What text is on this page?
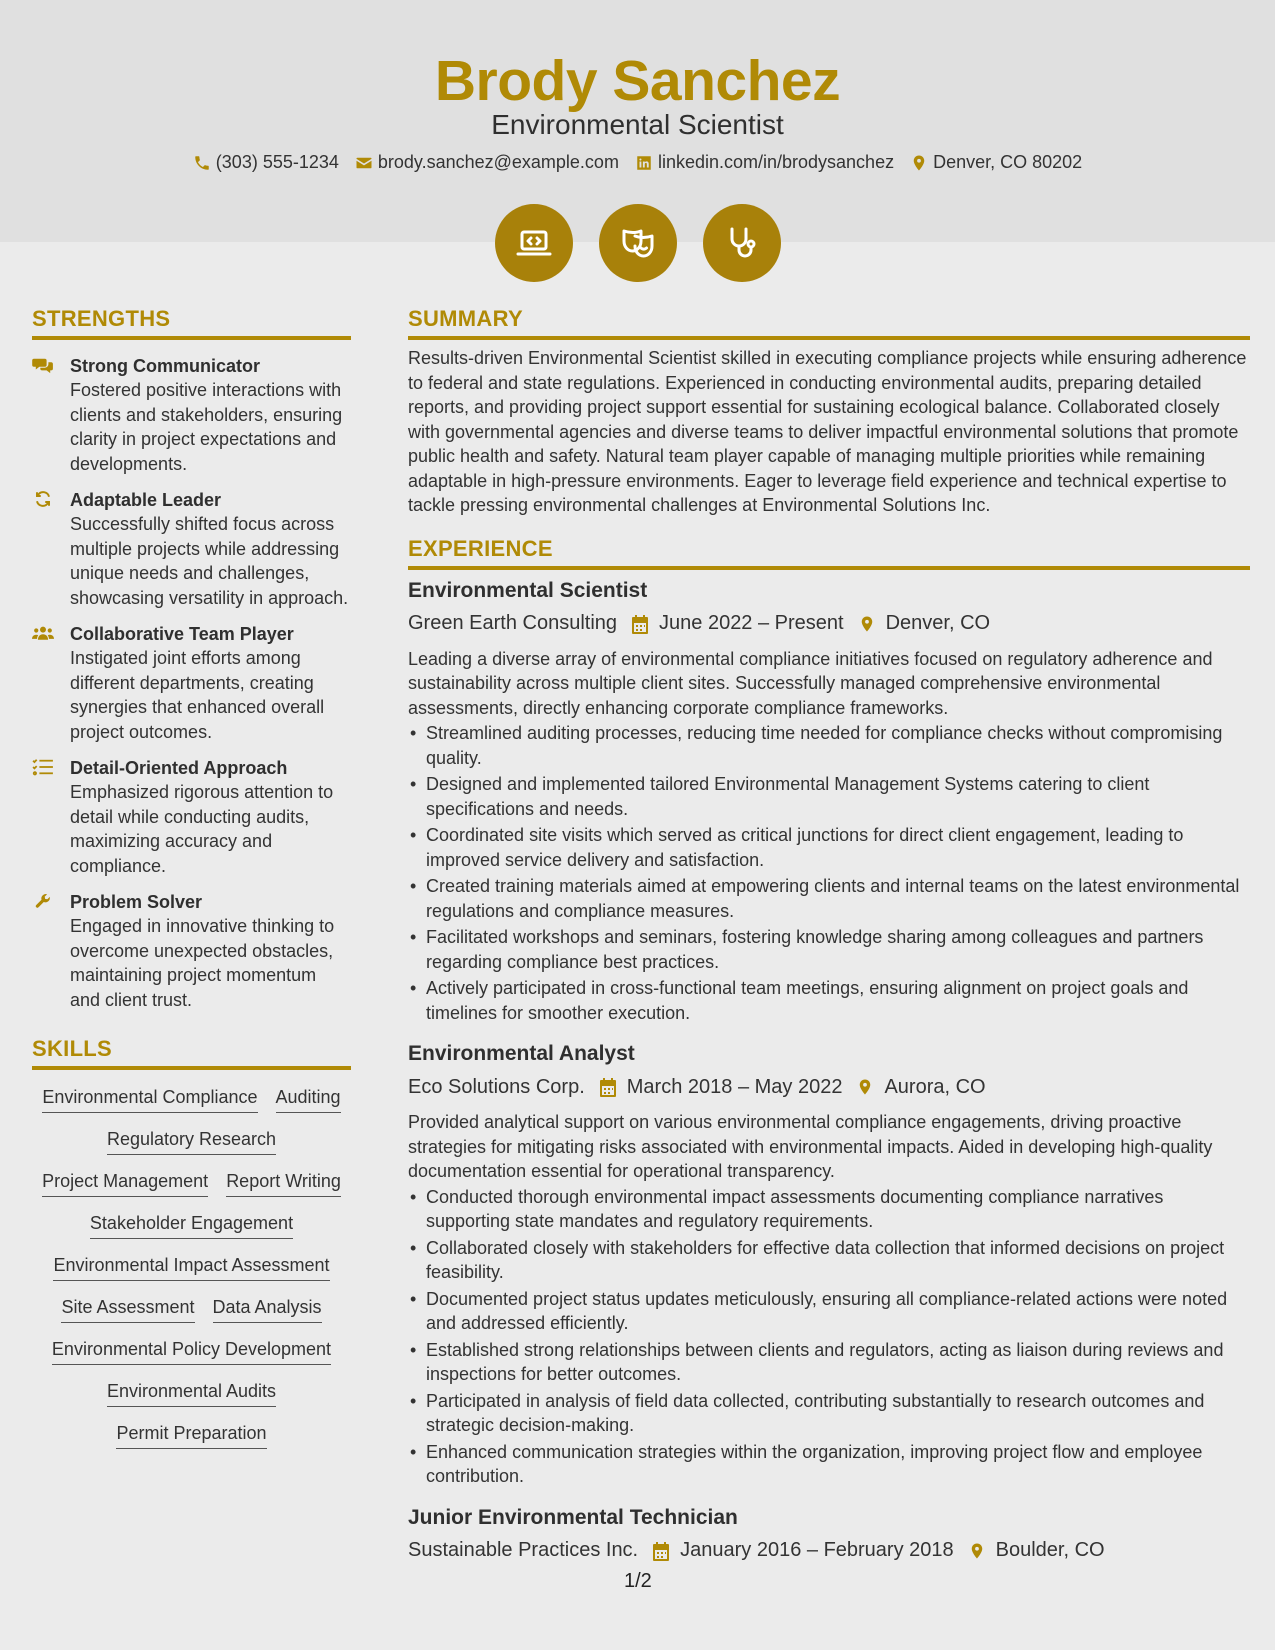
Brody Sanchez
Environmental Scientist
(303) 555-1234 brody.sanchez@example.com linkedin.com/in/brodysanchez Denver, CO 80202
STRENGTHS
Strong Communicator
Fostered positive interactions with clients and stakeholders, ensuring clarity in project expectations and developments.
Adaptable Leader
Successfully shifted focus across multiple projects while addressing unique needs and challenges, showcasing versatility in approach.
Collaborative Team Player
Instigated joint efforts among different departments, creating synergies that enhanced overall project outcomes.
Detail-Oriented Approach
Emphasized rigorous attention to detail while conducting audits, maximizing accuracy and compliance.
Problem Solver
Engaged in innovative thinking to overcome unexpected obstacles, maintaining project momentum and client trust.
SKILLS
Environmental Compliance Auditing
Regulatory Research
Project Management Report Writing
Stakeholder Engagement
Environmental Impact Assessment
Site Assessment Data Analysis
Environmental Policy Development
Environmental Audits
Permit Preparation
SUMMARY
Results-driven Environmental Scientist skilled in executing compliance projects while ensuring adherence to federal and state regulations. Experienced in conducting environmental audits, preparing detailed reports, and providing project support essential for sustaining ecological balance. Collaborated closely with governmental agencies and diverse teams to deliver impactful environmental solutions that promote public health and safety. Natural team player capable of managing multiple priorities while remaining adaptable in high-pressure environments. Eager to leverage field experience and technical expertise to tackle pressing environmental challenges at Environmental Solutions Inc.
EXPERIENCE
Environmental Scientist
Green Earth Consulting June 2022 – Present Denver, CO
Leading a diverse array of environmental compliance initiatives focused on regulatory adherence and sustainability across multiple client sites. Successfully managed comprehensive environmental assessments, directly enhancing corporate compliance frameworks.
• Streamlined auditing processes, reducing time needed for compliance checks without compromising quality.
• Designed and implemented tailored Environmental Management Systems catering to client specifications and needs.
• Coordinated site visits which served as critical junctions for direct client engagement, leading to improved service delivery and satisfaction.
• Created training materials aimed at empowering clients and internal teams on the latest environmental regulations and compliance measures.
• Facilitated workshops and seminars, fostering knowledge sharing among colleagues and partners regarding compliance best practices.
• Actively participated in cross-functional team meetings, ensuring alignment on project goals and timelines for smoother execution.
Environmental Analyst
Eco Solutions Corp. March 2018 – May 2022 Aurora, CO
Provided analytical support on various environmental compliance engagements, driving proactive strategies for mitigating risks associated with environmental impacts. Aided in developing high-quality documentation essential for operational transparency.
• Conducted thorough environmental impact assessments documenting compliance narratives supporting state mandates and regulatory requirements.
• Collaborated closely with stakeholders for effective data collection that informed decisions on project feasibility.
• Documented project status updates meticulously, ensuring all compliance-related actions were noted and addressed efficiently.
• Established strong relationships between clients and regulators, acting as liaison during reviews and inspections for better outcomes.
• Participated in analysis of field data collected, contributing substantially to research outcomes and strategic decision-making.
• Enhanced communication strategies within the organization, improving project flow and employee contribution.
Junior Environmental Technician
Sustainable Practices Inc. January 2016 – February 2018 Boulder, CO
1/2
